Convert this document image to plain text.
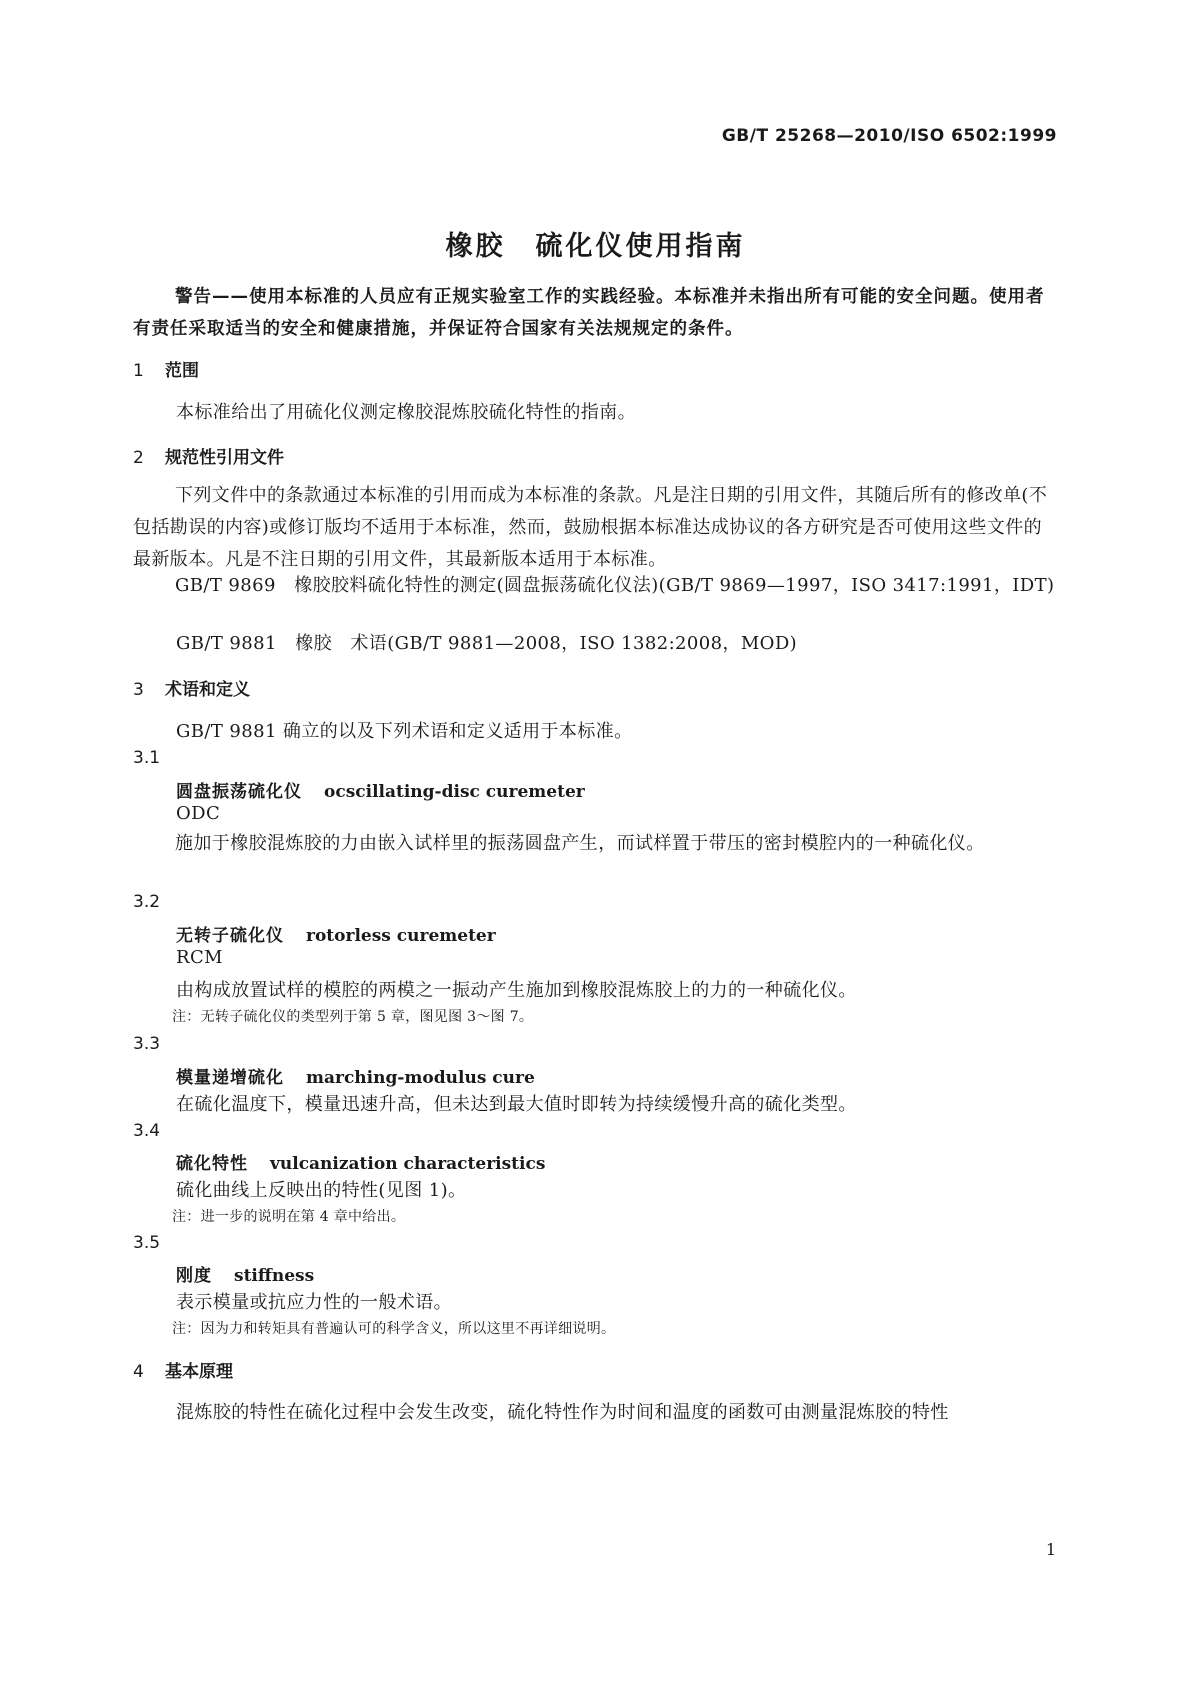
GB/T 25268—2010/ISO 6502:1999
橡胶　硫化仪使用指南
警告——使用本标准的人员应有正规实验室工作的实践经验。本标准并未指出所有可能的安全问题。使用者有责任采取适当的安全和健康措施，并保证符合国家有关法规规定的条件。
1 范围
本标准给出了用硫化仪测定橡胶混炼胶硫化特性的指南。
2 规范性引用文件
下列文件中的条款通过本标准的引用而成为本标准的条款。凡是注日期的引用文件，其随后所有的修改单(不包括勘误的内容)或修订版均不适用于本标准，然而，鼓励根据本标准达成协议的各方研究是否可使用这些文件的最新版本。凡是不注日期的引用文件，其最新版本适用于本标准。
GB/T 9869　橡胶胶料硫化特性的测定(圆盘振荡硫化仪法)(GB/T 9869—1997，ISO 3417:1991，IDT)
GB/T 9881　橡胶　术语(GB/T 9881—2008，ISO 1382:2008，MOD)
3 术语和定义
GB/T 9881 确立的以及下列术语和定义适用于本标准。
3.1
圆盘振荡硫化仪 ocscillating-disc curemeter
ODC
施加于橡胶混炼胶的力由嵌入试样里的振荡圆盘产生，而试样置于带压的密封模腔内的一种硫化仪。
3.2
无转子硫化仪 rotorless curemeter
RCM
由构成放置试样的模腔的两模之一振动产生施加到橡胶混炼胶上的力的一种硫化仪。
注：无转子硫化仪的类型列于第 5 章，图见图 3～图 7。
3.3
模量递增硫化 marching-modulus cure
在硫化温度下，模量迅速升高，但未达到最大值时即转为持续缓慢升高的硫化类型。
3.4
硫化特性 vulcanization characteristics
硫化曲线上反映出的特性(见图 1)。
注：进一步的说明在第 4 章中给出。
3.5
刚度 stiffness
表示模量或抗应力性的一般术语。
注：因为力和转矩具有普遍认可的科学含义，所以这里不再详细说明。
4 基本原理
混炼胶的特性在硫化过程中会发生改变，硫化特性作为时间和温度的函数可由测量混炼胶的特性
1
